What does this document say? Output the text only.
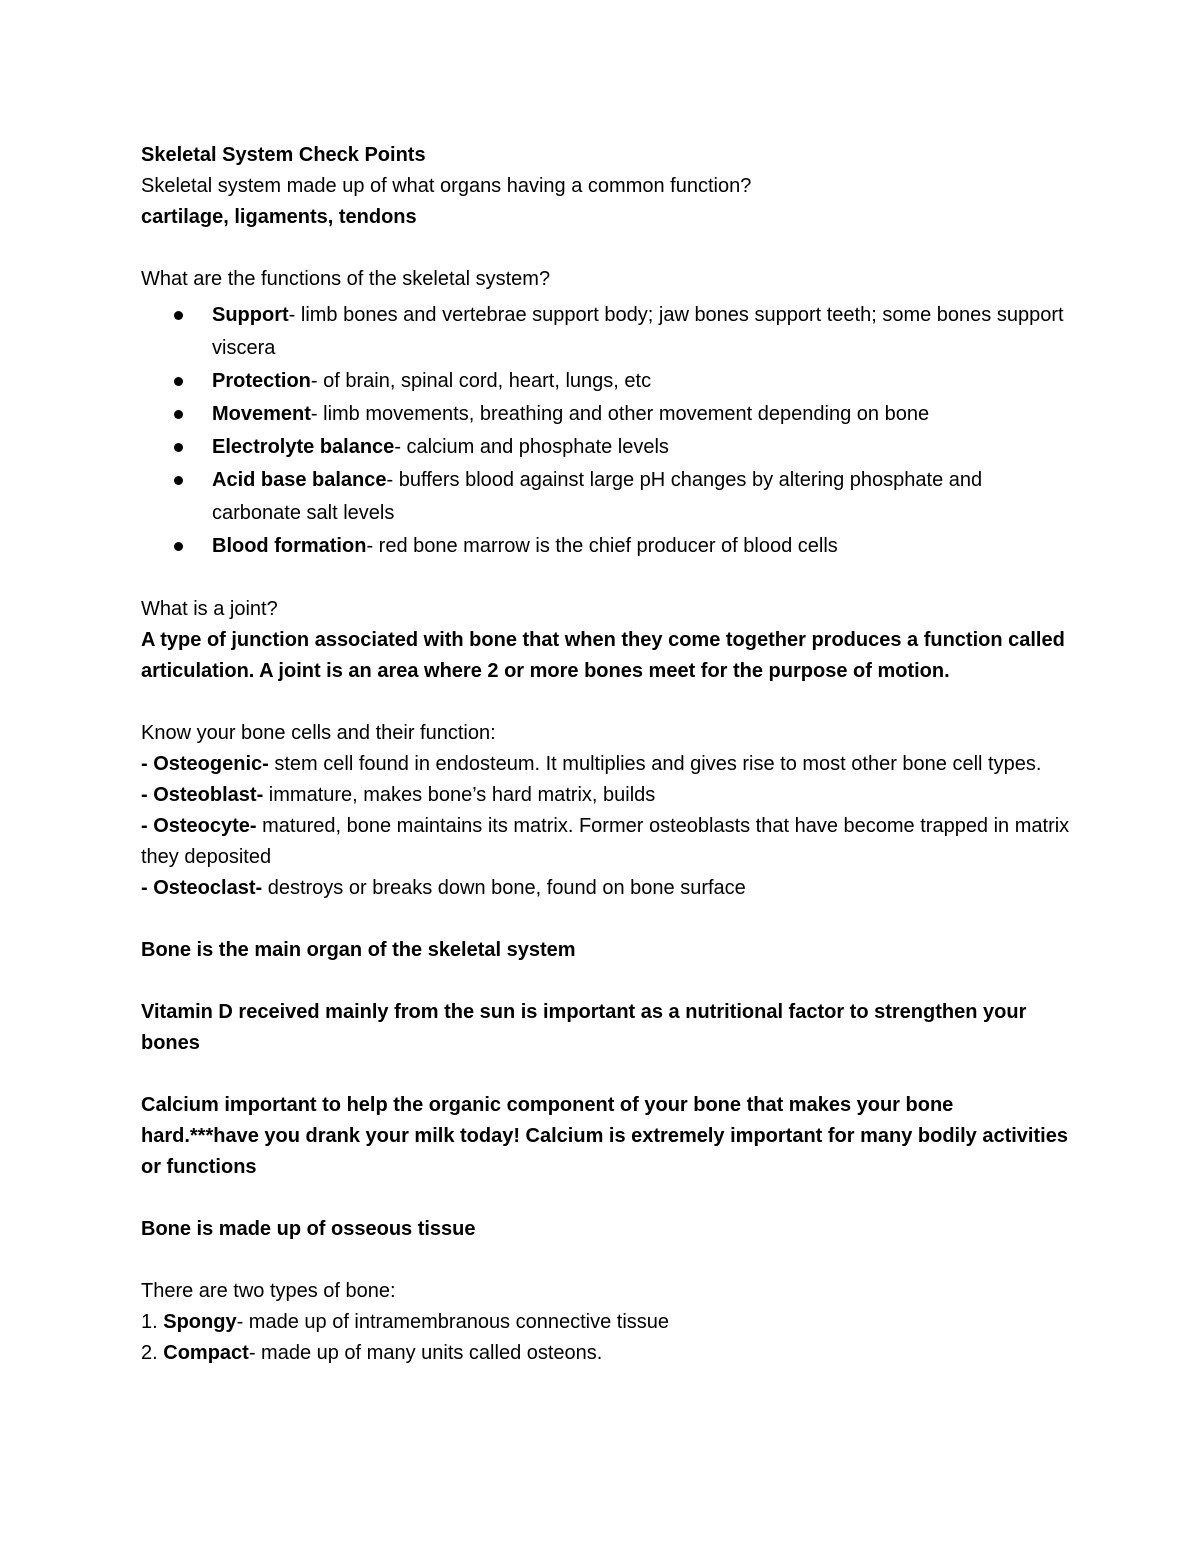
Skeletal System Check Points

Skeletal system made up of what organs having a common function?

cartilage, ligaments, tendons

What are the functions of the skeletal system?

Support- limb bones and vertebrae support body; jaw bones support teeth; some bones support viscera
Protection- of brain, spinal cord, heart, lungs, etc
Movement- limb movements, breathing and other movement depending on bone
Electrolyte balance- calcium and phosphate levels
Acid base balance- buffers blood against large pH changes by altering phosphate and carbonate salt levels
Blood formation- red bone marrow is the chief producer of blood cells

What is a joint?

A type of junction associated with bone that when they come together produces a function called articulation. A joint is an area where 2 or more bones meet for the purpose of motion.

Know your bone cells and their function:

- Osteogenic- stem cell found in endosteum. It multiplies and gives rise to most other bone cell types.

- Osteoblast- immature, makes bone’s hard matrix, builds

- Osteocyte- matured, bone maintains its matrix. Former osteoblasts that have become trapped in matrix they deposited

- Osteoclast- destroys or breaks down bone, found on bone surface

Bone is the main organ of the skeletal system

Vitamin D received mainly from the sun is important as a nutritional factor to strengthen your bones

Calcium important to help the organic component of your bone that makes your bone hard.***have you drank your milk today! Calcium is extremely important for many bodily activities or functions

Bone is made up of osseous tissue

There are two types of bone:

1. Spongy- made up of intramembranous connective tissue

2. Compact- made up of many units called osteons.
